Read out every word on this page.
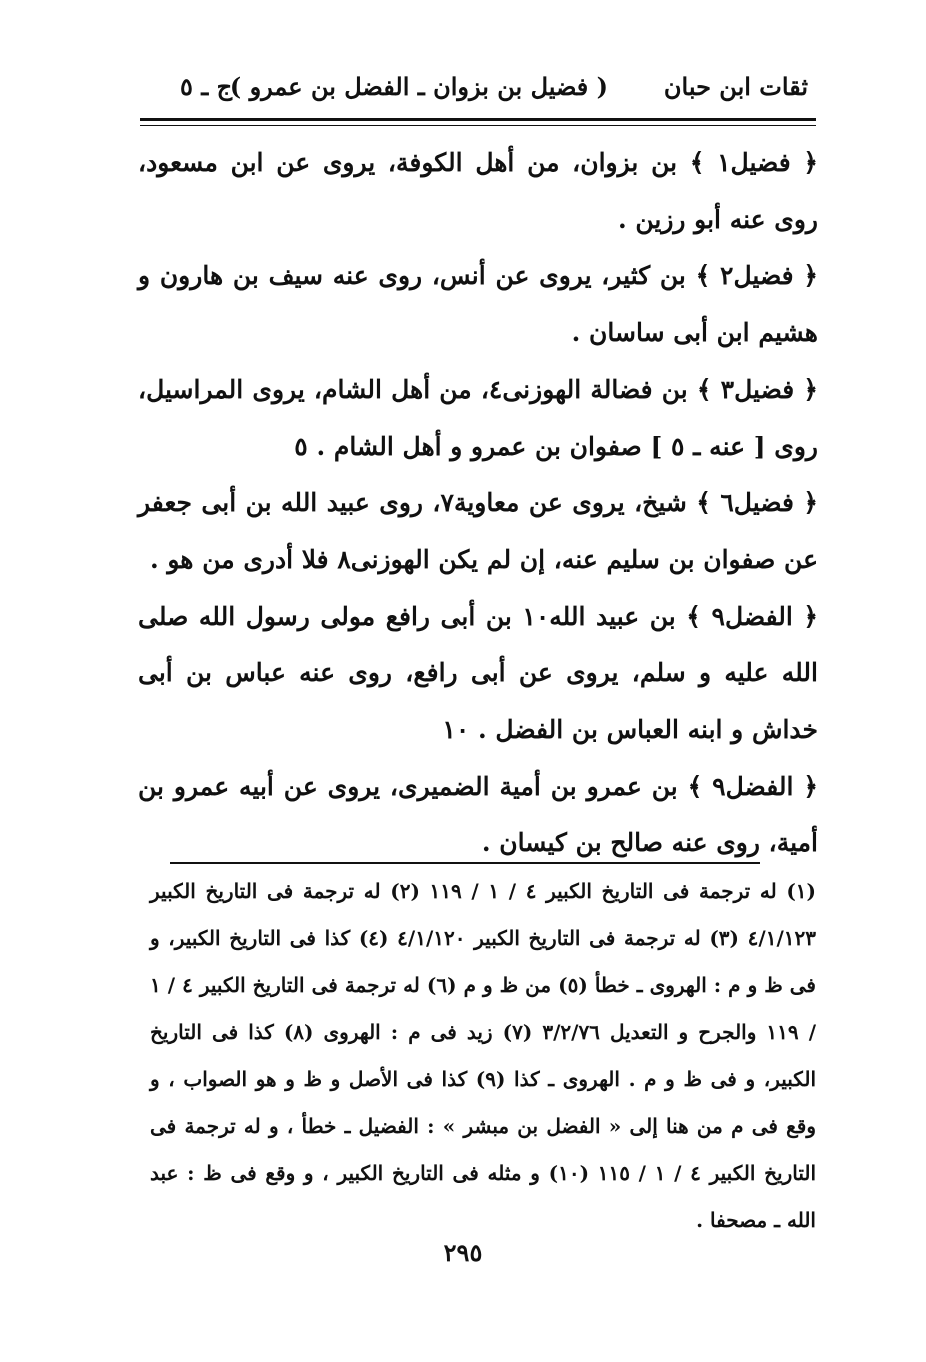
ثقات ابن حبان
( فضيل بن بزوان ـ الفضل بن عمرو )
ج ـ ٥

﴿ فضيل١ ﴾ بن بزوان، من أهل الكوفة، يروى عن ابن مسعود، روى عنه أبو رزين .

﴿ فضيل٢ ﴾ بن كثير، يروى عن أنس، روى عنه سيف بن هارون و هشيم ابن أبى ساسان .

﴿ فضيل٣ ﴾ بن فضالة الهوزنى٤، من أهل الشام، يروى المراسيل، روى [ عنه ـ ٥ ] صفوان بن عمرو و أهل الشام . ٥

﴿ فضيل٦ ﴾ شيخ، يروى عن معاوية٧، روى عبيد الله بن أبى جعفر عن صفوان بن سليم عنه، إن لم يكن الهوزنى٨ فلا أدرى من هو .

﴿ الفضل٩ ﴾ بن عبيد الله١٠ بن أبى رافع مولى رسول الله صلى الله عليه و سلم، يروى عن أبى رافع، روى عنه عباس بن أبى خداش و ابنه العباس بن الفضل . ١٠

﴿ الفضل٩ ﴾ بن عمرو بن أمية الضميرى، يروى عن أبيه عمرو بن أمية، روى عنه صالح بن كيسان .

(١) له ترجمة فى التاريخ الكبير ٤ / ١ / ١١٩ (٢) له ترجمة فى التاريخ الكبير ٤/١/١٢٣ (٣) له ترجمة فى التاريخ الكبير ٤/١/١٢٠ (٤) كذا فى التاريخ الكبير، و فى ظ و م : الهروى ـ خطأ (٥) من ظ و م (٦) له ترجمة فى التاريخ الكبير ٤ / ١ / ١١٩ والجرح و التعديل ٣/٢/٧٦ (٧) زيد فى م : الهروى (٨) كذا فى التاريخ الكبير، و فى ظ و م . الهروى ـ كذا (٩) كذا فى الأصل و ظ و هو الصواب ، و وقع فى م من هنا إلى « الفضل بن مبشر » : الفضيل ـ خطأ ، و له ترجمة فى التاريخ الكبير ٤ / ١ / ١١٥ (١٠) و مثله فى التاريخ الكبير ، و وقع فى ظ : عبد الله ـ مصحفا .

٢٩٥
